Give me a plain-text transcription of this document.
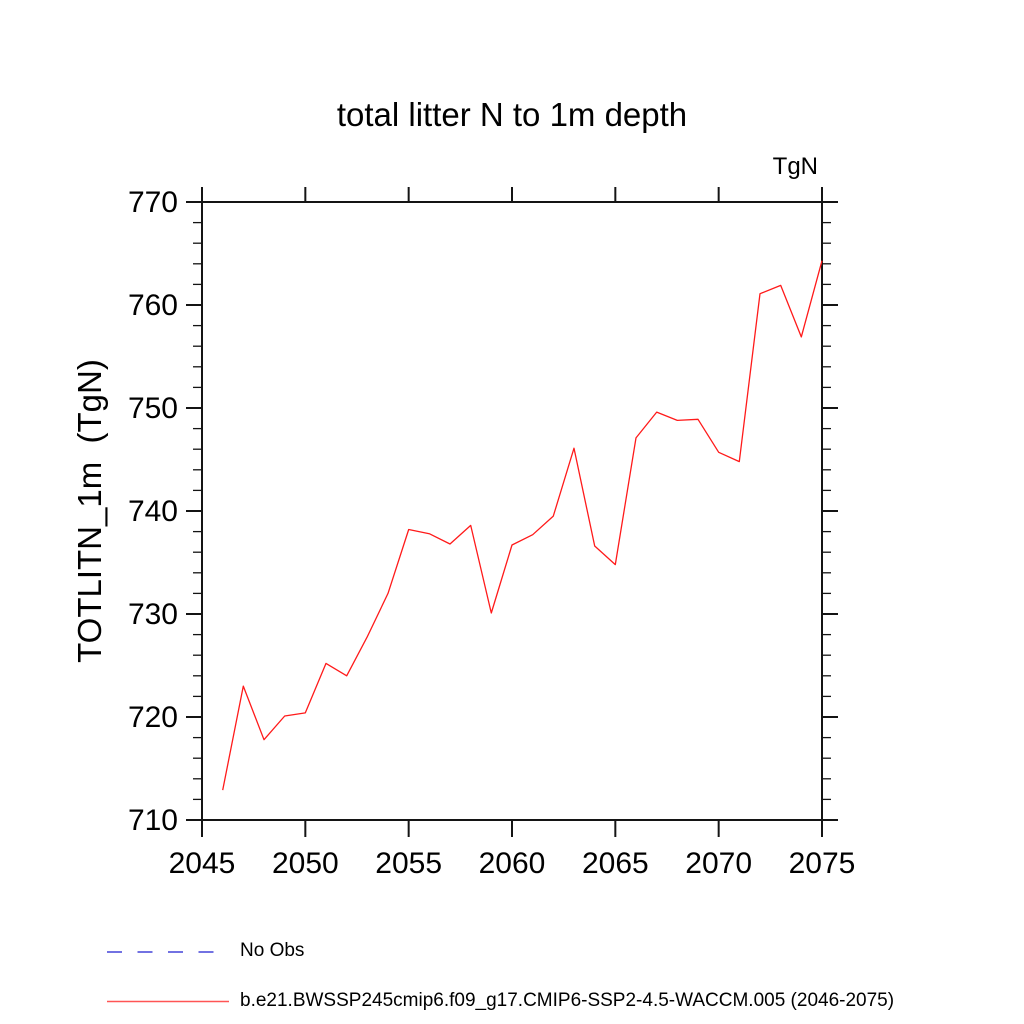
total litter N to 1m depth
TgN
TOTLITN_1m  (TgN)
2045 2050 2055 2060 2065 2070 2075
710
720
730
740
750
760
770
No Obs
b.e21.BWSSP245cmip6.f09_g17.CMIP6-SSP2-4.5-WACCM.005 (2046-2075)
